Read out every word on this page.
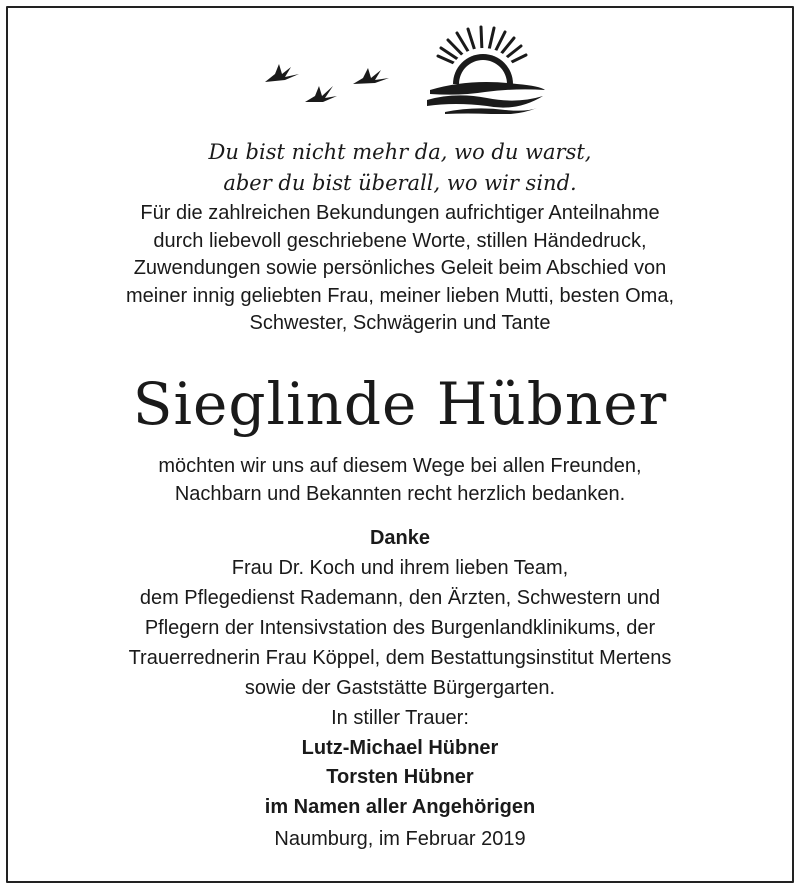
Du bist nicht mehr da, wo du warst,
aber du bist überall, wo wir sind.
Für die zahlreichen Bekundungen aufrichtiger Anteilnahme
durch liebevoll geschriebene Worte, stillen Händedruck,
Zuwendungen sowie persönliches Geleit beim Abschied von
meiner innig geliebten Frau, meiner lieben Mutti, besten Oma,
Schwester, Schwägerin und Tante
Sieglinde Hübner
möchten wir uns auf diesem Wege bei allen Freunden,
Nachbarn und Bekannten recht herzlich bedanken.
Danke
Frau Dr. Koch und ihrem lieben Team,
dem Pflegedienst Rademann, den Ärzten, Schwestern und
Pflegern der Intensivstation des Burgenlandklinikums, der
Trauerrednerin Frau Köppel, dem Bestattungsinstitut Mertens
sowie der Gaststätte Bürgergarten.
In stiller Trauer:
Lutz-Michael Hübner
Torsten Hübner
im Namen aller Angehörigen
Naumburg, im Februar 2019
